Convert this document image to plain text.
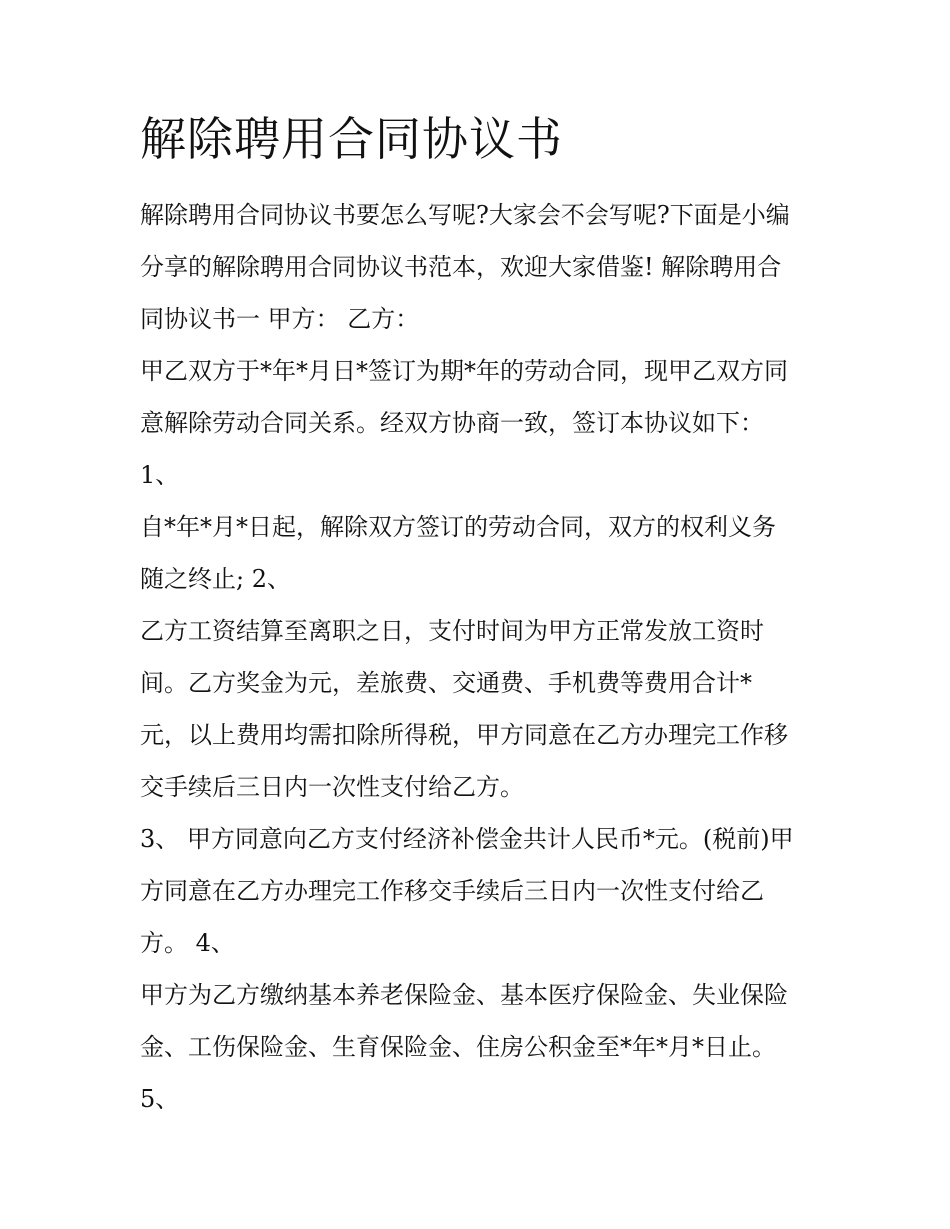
解除聘用合同协议书

解除聘用合同协议书要怎么写呢?大家会不会写呢?下面是小编

分享的解除聘用合同协议书范本，欢迎大家借鉴! 解除聘用合

同协议书一 甲方： 乙方：

甲乙双方于*年*月日*签订为期*年的劳动合同，现甲乙双方同

意解除劳动合同关系。经双方协商一致，签订本协议如下：

1、

自*年*月*日起，解除双方签订的劳动合同，双方的权利义务

随之终止; 2、

乙方工资结算至离职之日，支付时间为甲方正常发放工资时

间。乙方奖金为元，差旅费、交通费、手机费等费用合计*

元，以上费用均需扣除所得税，甲方同意在乙方办理完工作移

交手续后三日内一次性支付给乙方。

3、 甲方同意向乙方支付经济补偿金共计人民币*元。(税前)甲

方同意在乙方办理完工作移交手续后三日内一次性支付给乙

方。 4、

甲方为乙方缴纳基本养老保险金、基本医疗保险金、失业保险

金、工伤保险金、生育保险金、住房公积金至*年*月*日止。

5、
